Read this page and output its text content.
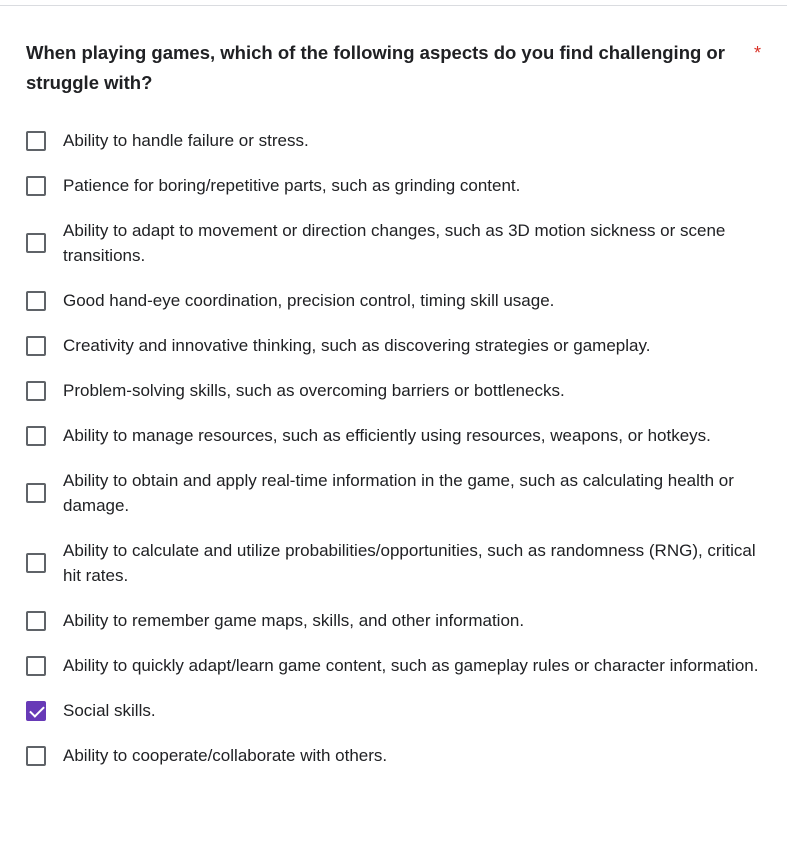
When playing games, which of the following aspects do you find challenging or struggle with?
*
Ability to handle failure or stress.
Patience for boring/repetitive parts, such as grinding content.
Ability to adapt to movement or direction changes, such as 3D motion sickness or scene transitions.
Good hand-eye coordination, precision control, timing skill usage.
Creativity and innovative thinking, such as discovering strategies or gameplay.
Problem-solving skills, such as overcoming barriers or bottlenecks.
Ability to manage resources, such as efficiently using resources, weapons, or hotkeys.
Ability to obtain and apply real-time information in the game, such as calculating health or damage.
Ability to calculate and utilize probabilities/opportunities, such as randomness (RNG), critical hit rates.
Ability to remember game maps, skills, and other information.
Ability to quickly adapt/learn game content, such as gameplay rules or character information.
Social skills.
Ability to cooperate/collaborate with others.
